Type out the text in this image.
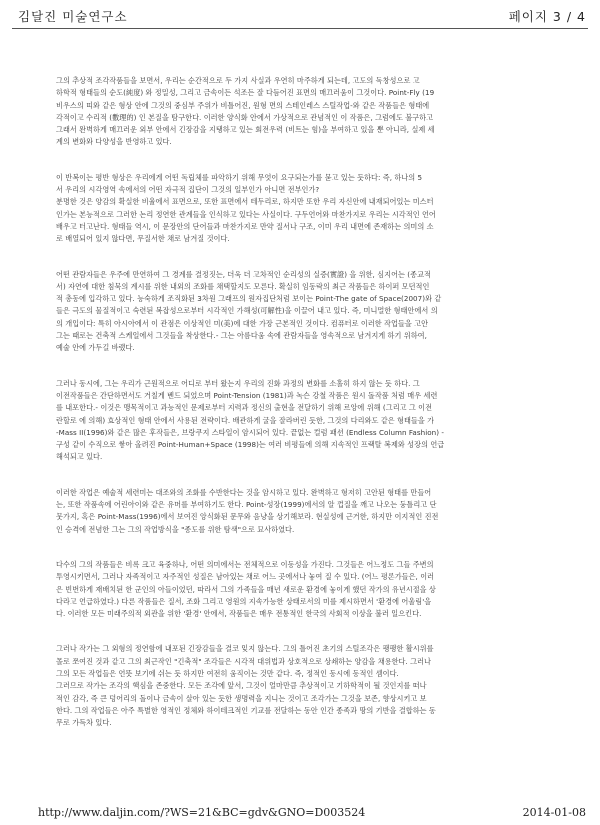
김달진 미술연구소	페이지 3 / 4
그의 추상적 조각작품들을 보면서, 우리는 순간적으로 두 가지 사실과 우연히 마주하게 되는데, 고도의 독창성으로 고
하학적 형태들의 순도(純度) 와 정밀성, 그리고 금속이든 석조든 잘 다듬어진 표면의 매끄러움이 그것이다. Point-Fly (19
비우스의 띠와 같은 형상 안에 그것의 중심부 주위가 비틀어진, 원형 면의 스테인레스 스틸작업-와 같은 작품들은 형태에
각적이고 수리적 (數理的) 인 본질을 탐구한다. 이러한 양식화 안에서 가상적으로 관념적인 이 작품은, 그럼에도 불구하고
그래서 완벽하게 매끄러운 외부 안에서 긴장감을 지탱하고 있는 회전우력 (비트는 힘)을 부여하고 있을 뿐 아니라, 실제 세
계의 변화와 다양성을 반영하고 있다.
이 반복이는 평반 형상은 우리에게 어떤 독립체를 파악하기 위해 무엇이 요구되는가를 묻고 있는 듯하다: 즉, 하나의 5
서 우리의 시각영역 속에서의 어떤 자극적 집단이 그것의 일부인가 아니면 전부인가?
분명한 것은 양감의 확실한 비율에서 표면으로, 또한 표면에서 테두리로, 하지만 또한 우리 자신안에 내재되어있는 미스터
인가는 본능적으로 그러한 논리 정연한 관계들을 인식하고 있다는 사실이다. 구두언어와 마찬가지로 우리는 시각적인 언어
배우고 터고난다. 형태들 역시, 이 문장안의 단어들과 마찬가지로 만약 질서나 구조, 이미 우리 내면에 존재하는 의미의 소
로 배열되어 있지 않다면, 무질서한 채로 남겨질 것이다.
어떤 관람자들은 우주에 만연하여 그 경계를 결정짓는, 더욱 더 고차적인 순리성의 실증(實證) 을 위한, 심지어는 (종교적
서) 자연에 대한 침묵의 계시를 위한 내외의 조화를 채택할지도 모른다. 확실히 임동락의 최근 작품들은 하이퍼 모던적인
적 총동에 입각하고 있다. 능숙하게 조직화된 3차원 그래프의 원자집단처럼 보이는 Point-The gate of Space(2007)와 같
들은 극도의 물질적이고 숙련된 복잡성으로부터 시각적인 가해성(可解性)을 이끌어 내고 있다. 즉, 미니멀한 형태안에서 의
의 개입이다: 특히 아시아에서 이 관점은 이상적인 미(美)에 대한 가장 근본적인 것이다. 컴퓨터로 이러한 작업들을 고안
그는 때로는 건축적 스케일에서 그것들을 착상한다.- 그는 아름다움 속에 관람자들을 영속적으로 남겨지게 하기 위하여,
예술 안에 가두길 바랬다.
그러나 동시에, 그는 우리가 근원적으로 어디로 부터 왔는지 우리의 진화 과정의 변화를 소홀히 하지 않는 듯 하다. 그
이전작품들은 간단하면서도 거칠게 벤드 되었으며 Point-Tension (1981)과 녹슨 강철 작품은 원시 돌작품 처럼 매우 세련
를 내포한다.- 이것은 맹목적이고 과능적인 문제로부터 지력과 정신의 출현을 전달하기 위해 르앙에 위해 (그리고 그 이전
란할로 에 의해) 효상적인 형태 안에서 사용된 전략이다. 배관하게 굴을 잘라버린 듯한, 그것의 다리와도 같은 형태들을 가
-Mass II(1996)와 같은 많은 후작들은, 브랑쿠지 스타일이 암시되어 있다. 끝없는 컬럼 패션 (Endless Column Fashion) -
구성 같이 수직으로 쌓아 올려진 Point-Human+Space (1998)는 여러 비평들에 의해 지속적인 프랙탈 복제와 성장의 언급
해석되고 있다.
이러한 작업은 예술적 세련미는 대조와의 조화를 수반한다는 것을 암시하고 있다. 완벽하고 형저히 고안된 형태를 만들어
는, 또한 작품속에 어린아이와 같은 유머를 부여하기도 한다. Point-성장(1999)에서의 알 껍질을 깨고 나오는 둥틀리고 단
뭇가지, 혹은 Point-Mass(1996)에서 보여진 앙식화된 문무와 음냥을 상기해보라. 현실성에 근거한, 하지만 이지적인 진전
인 승격에 전념한 그는 그의 작업방식을 "종도를 위한 탐색"으로 묘사하였다.
다수의 그의 작품들은 비록 크고 육중하나, 어떤 의미에서는 전체적으로 이동성을 가진다. 그것들은 어느정도 그들 주변의
투영시키면서, 그러나 자족적이고 자주적인 성질은 남아있는 채로 어느 곳에서나 놓여 질 수 있다. (어느 평론가들은, 이러
은 빈번하게 재배치된 한 군인의 아들이었던, 따라서 그의 가족들을 매년 새로운 환경에 놓이게 했던 작가의 유년시절을 상
다라고 언급하였다.) 다른 작품들은 질서, 조화 그리고 영원의 지속가능한 상태로서의 미를 제시하면서 '환경에 어울림'을
다. 이러한 모든 미래주의적 외관을 위한 '환경' 안에서, 작품들은 매우 전통적인 한국의 사회적 이상을 불러 일으킨다.
그러나 작가는 그 외형의 정연함에 내포된 긴장감들을 결코 잊지 않는다. 그의 틀어진 초기의 스틸조각은 팽팽한 활시위를
몰로 쪼여진 것과 같고 그의 최근작인 "긴축적" 조각들은 시각적 대위법과 상호적으로 상쇄하는 양감을 채용한다. 그러나
그의 모든 작업들은 언뜻 보기에 쉬는 듯 하지만 여전히 움직이는 것만 같다. 즉, 정적인 동시에 동적인 셈이다.
그러므로 작가는 조각의 핵심을 존중한다. 모든 조각에 앞서, 그것이 얼마만큼 추상적이고 기하학적이 될 것인지를 떠나
적인 감각, 즉 큰 덩어리의 돌이나 금속이 살아 있는 듯한 생명력을 지니는 것이고 조각가는 그것을 보존, 향상시키고 보
한다. 그의 작업들은 아주 특별한 영적인 정체와 하이테크적인 기교를 전달하는 동안 인간 종족과 땅의 기반을 결합하는 동
무로 가득차 있다.
http://www.daljin.com/?WS=21&BC=gdv&GNO=D003524	2014-01-08
